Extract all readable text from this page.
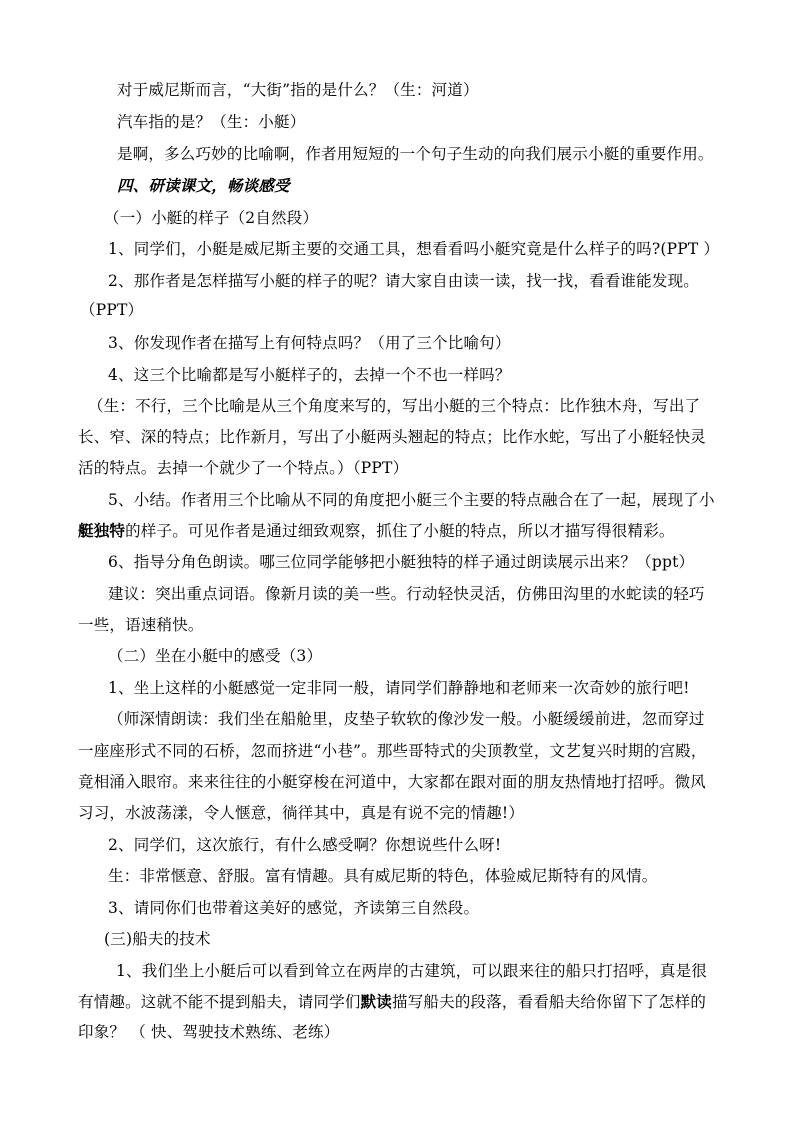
对于威尼斯而言，“大街”指的是什么？（生：河道）
汽车指的是？（生：小艇）
是啊，多么巧妙的比喻啊，作者用短短的一个句子生动的向我们展示小艇的重要作用。
四、研读课文，畅谈感受
（一）小艇的样子（2自然段）
1、同学们，小艇是威尼斯主要的交通工具，想看看吗小艇究竟是什么样子的吗?(PPT ）
2、那作者是怎样描写小艇的样子的呢？请大家自由读一读，找一找，看看谁能发现。
（PPT）
3、你发现作者在描写上有何特点吗？（用了三个比喻句）
4、这三个比喻都是写小艇样子的，去掉一个不也一样吗？
（生：不行，三个比喻是从三个角度来写的，写出小艇的三个特点：比作独木舟，写出了
长、窄、深的特点；比作新月，写出了小艇两头翘起的特点；比作水蛇，写出了小艇轻快灵
活的特点。去掉一个就少了一个特点。）（PPT）
5、小结。作者用三个比喻从不同的角度把小艇三个主要的特点融合在了一起，展现了小
艇独特的样子。可见作者是通过细致观察，抓住了小艇的特点，所以才描写得很精彩。
6、指导分角色朗读。哪三位同学能够把小艇独特的样子通过朗读展示出来？（ppt）
建议：突出重点词语。像新月读的美一些。行动轻快灵活，仿佛田沟里的水蛇读的轻巧
一些，语速稍快。
（二）坐在小艇中的感受（3）
1、坐上这样的小艇感觉一定非同一般，请同学们静静地和老师来一次奇妙的旅行吧!
（师深情朗读：我们坐在船舱里，皮垫子软软的像沙发一般。小艇缓缓前进，忽而穿过
一座座形式不同的石桥，忽而挤进“小巷”。那些哥特式的尖顶教堂，文艺复兴时期的宫殿，
竟相涌入眼帘。来来往往的小艇穿梭在河道中，大家都在跟对面的朋友热情地打招呼。微风
习习，水波荡漾，令人惬意，徜徉其中，真是有说不完的情趣!）
2、同学们，这次旅行，有什么感受啊？你想说些什么呀!
生：非常惬意、舒服。富有情趣。具有威尼斯的特色，体验威尼斯特有的风情。
3、请同你们也带着这美好的感觉，齐读第三自然段。
(三)船夫的技术
1、我们坐上小艇后可以看到耸立在两岸的古建筑，可以跟来往的船只打招呼，真是很
有情趣。这就不能不提到船夫，请同学们默读描写船夫的段落，看看船夫给你留下了怎样的
印象？ （ 快、驾驶技术熟练、老练）
